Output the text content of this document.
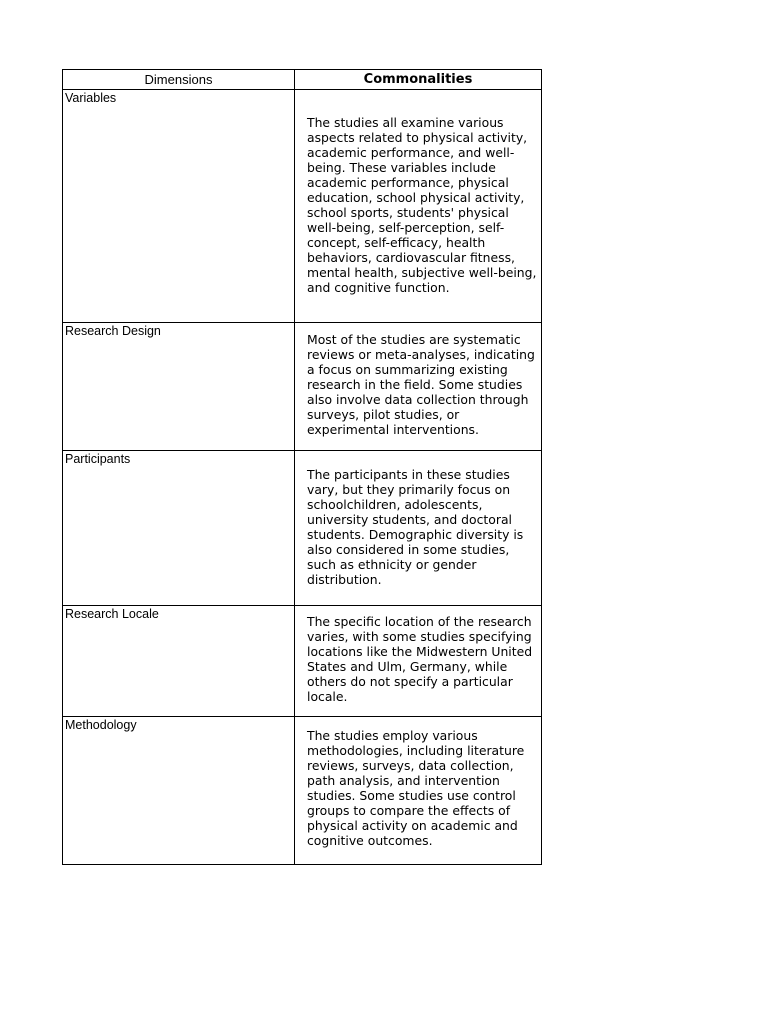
Dimensions	Commonalities
Variables	The studies all examine various aspects related to physical activity, academic performance, and well-being. These variables include academic performance, physical education, school physical activity, school sports, students' physical well-being, self-perception, self-concept, self-efficacy, health behaviors, cardiovascular fitness, mental health, subjective well-being, and cognitive function.

Research Design	Most of the studies are systematic reviews or meta-analyses, indicating a focus on summarizing existing research in the field. Some studies also involve data collection through surveys, pilot studies, or experimental interventions.

Participants	The participants in these studies vary, but they primarily focus on schoolchildren, adolescents, university students, and doctoral students. Demographic diversity is also considered in some studies, such as ethnicity or gender distribution.

Research Locale	The specific location of the research varies, with some studies specifying locations like the Midwestern United States and Ulm, Germany, while others do not specify a particular locale.

Methodology	The studies employ various methodologies, including literature reviews, surveys, data collection, path analysis, and intervention studies. Some studies use control groups to compare the effects of physical activity on academic and cognitive outcomes.
